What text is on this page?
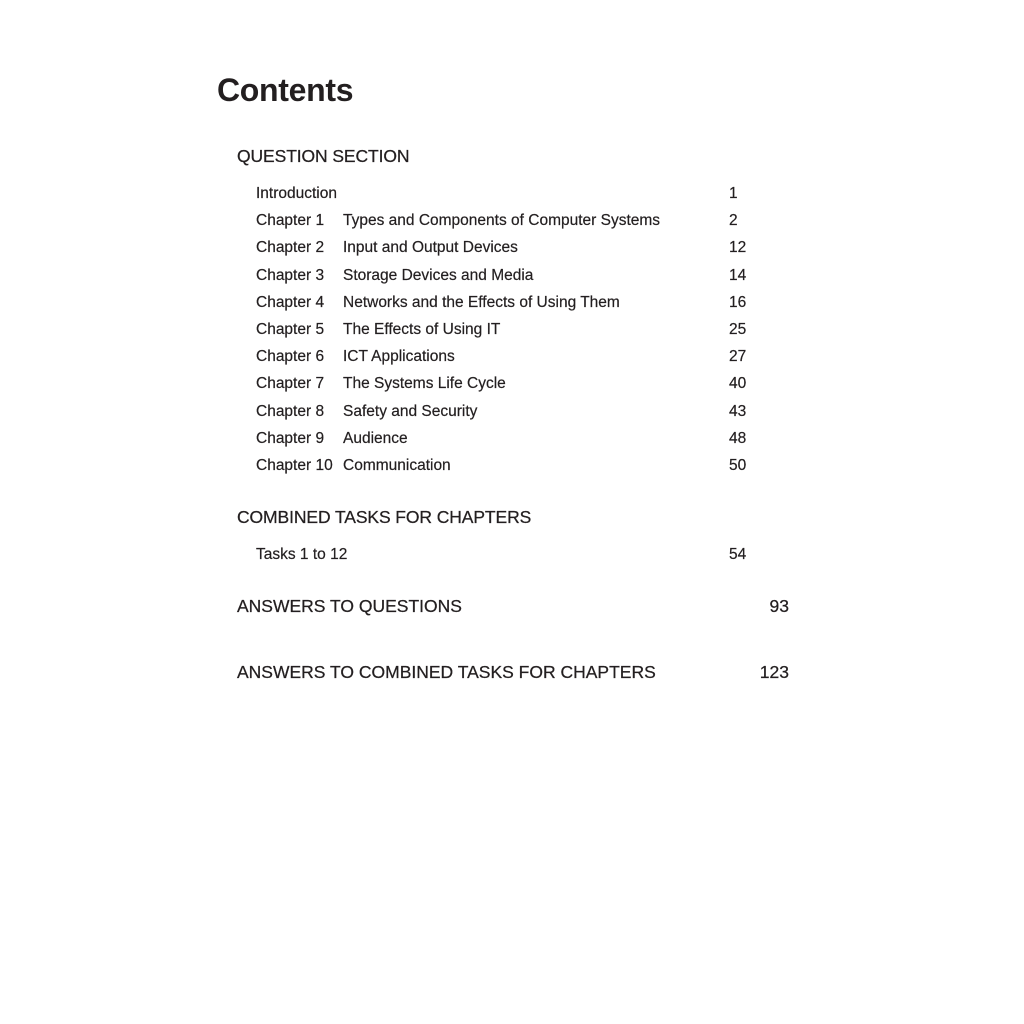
Contents
QUESTION SECTION
Introduction	1
Chapter 1 Types and Components of Computer Systems	2
Chapter 2 Input and Output Devices	12
Chapter 3 Storage Devices and Media	14
Chapter 4 Networks and the Effects of Using Them	16
Chapter 5 The Effects of Using IT	25
Chapter 6 ICT Applications	27
Chapter 7 The Systems Life Cycle	40
Chapter 8 Safety and Security	43
Chapter 9 Audience	48
Chapter 10 Communication	50
COMBINED TASKS FOR CHAPTERS
Tasks 1 to 12	54
ANSWERS TO QUESTIONS	93
ANSWERS TO COMBINED TASKS FOR CHAPTERS	123
